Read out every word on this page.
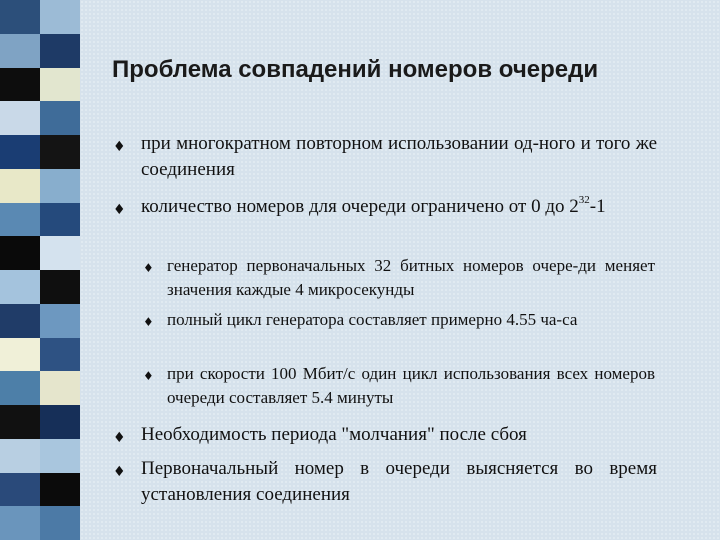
Проблема совпадений номеров очереди
♦ при многократном повторном использовании од-ного и того же соединения
♦ количество номеров для очереди ограничено от 0 до $2^{32}-1$
♦ генератор первоначальных 32 битных номеров очере-ди меняет значения каждые 4 микросекунды
♦ полный цикл генератора составляет примерно 4.55 ча-са
♦ при скорости 100 Мбит/с один цикл использования всех номеров очереди составляет 5.4 минуты
♦ Необходимость периода "молчания" после сбоя
♦ Первоначальный номер в очереди выясняется во время установления соединения
